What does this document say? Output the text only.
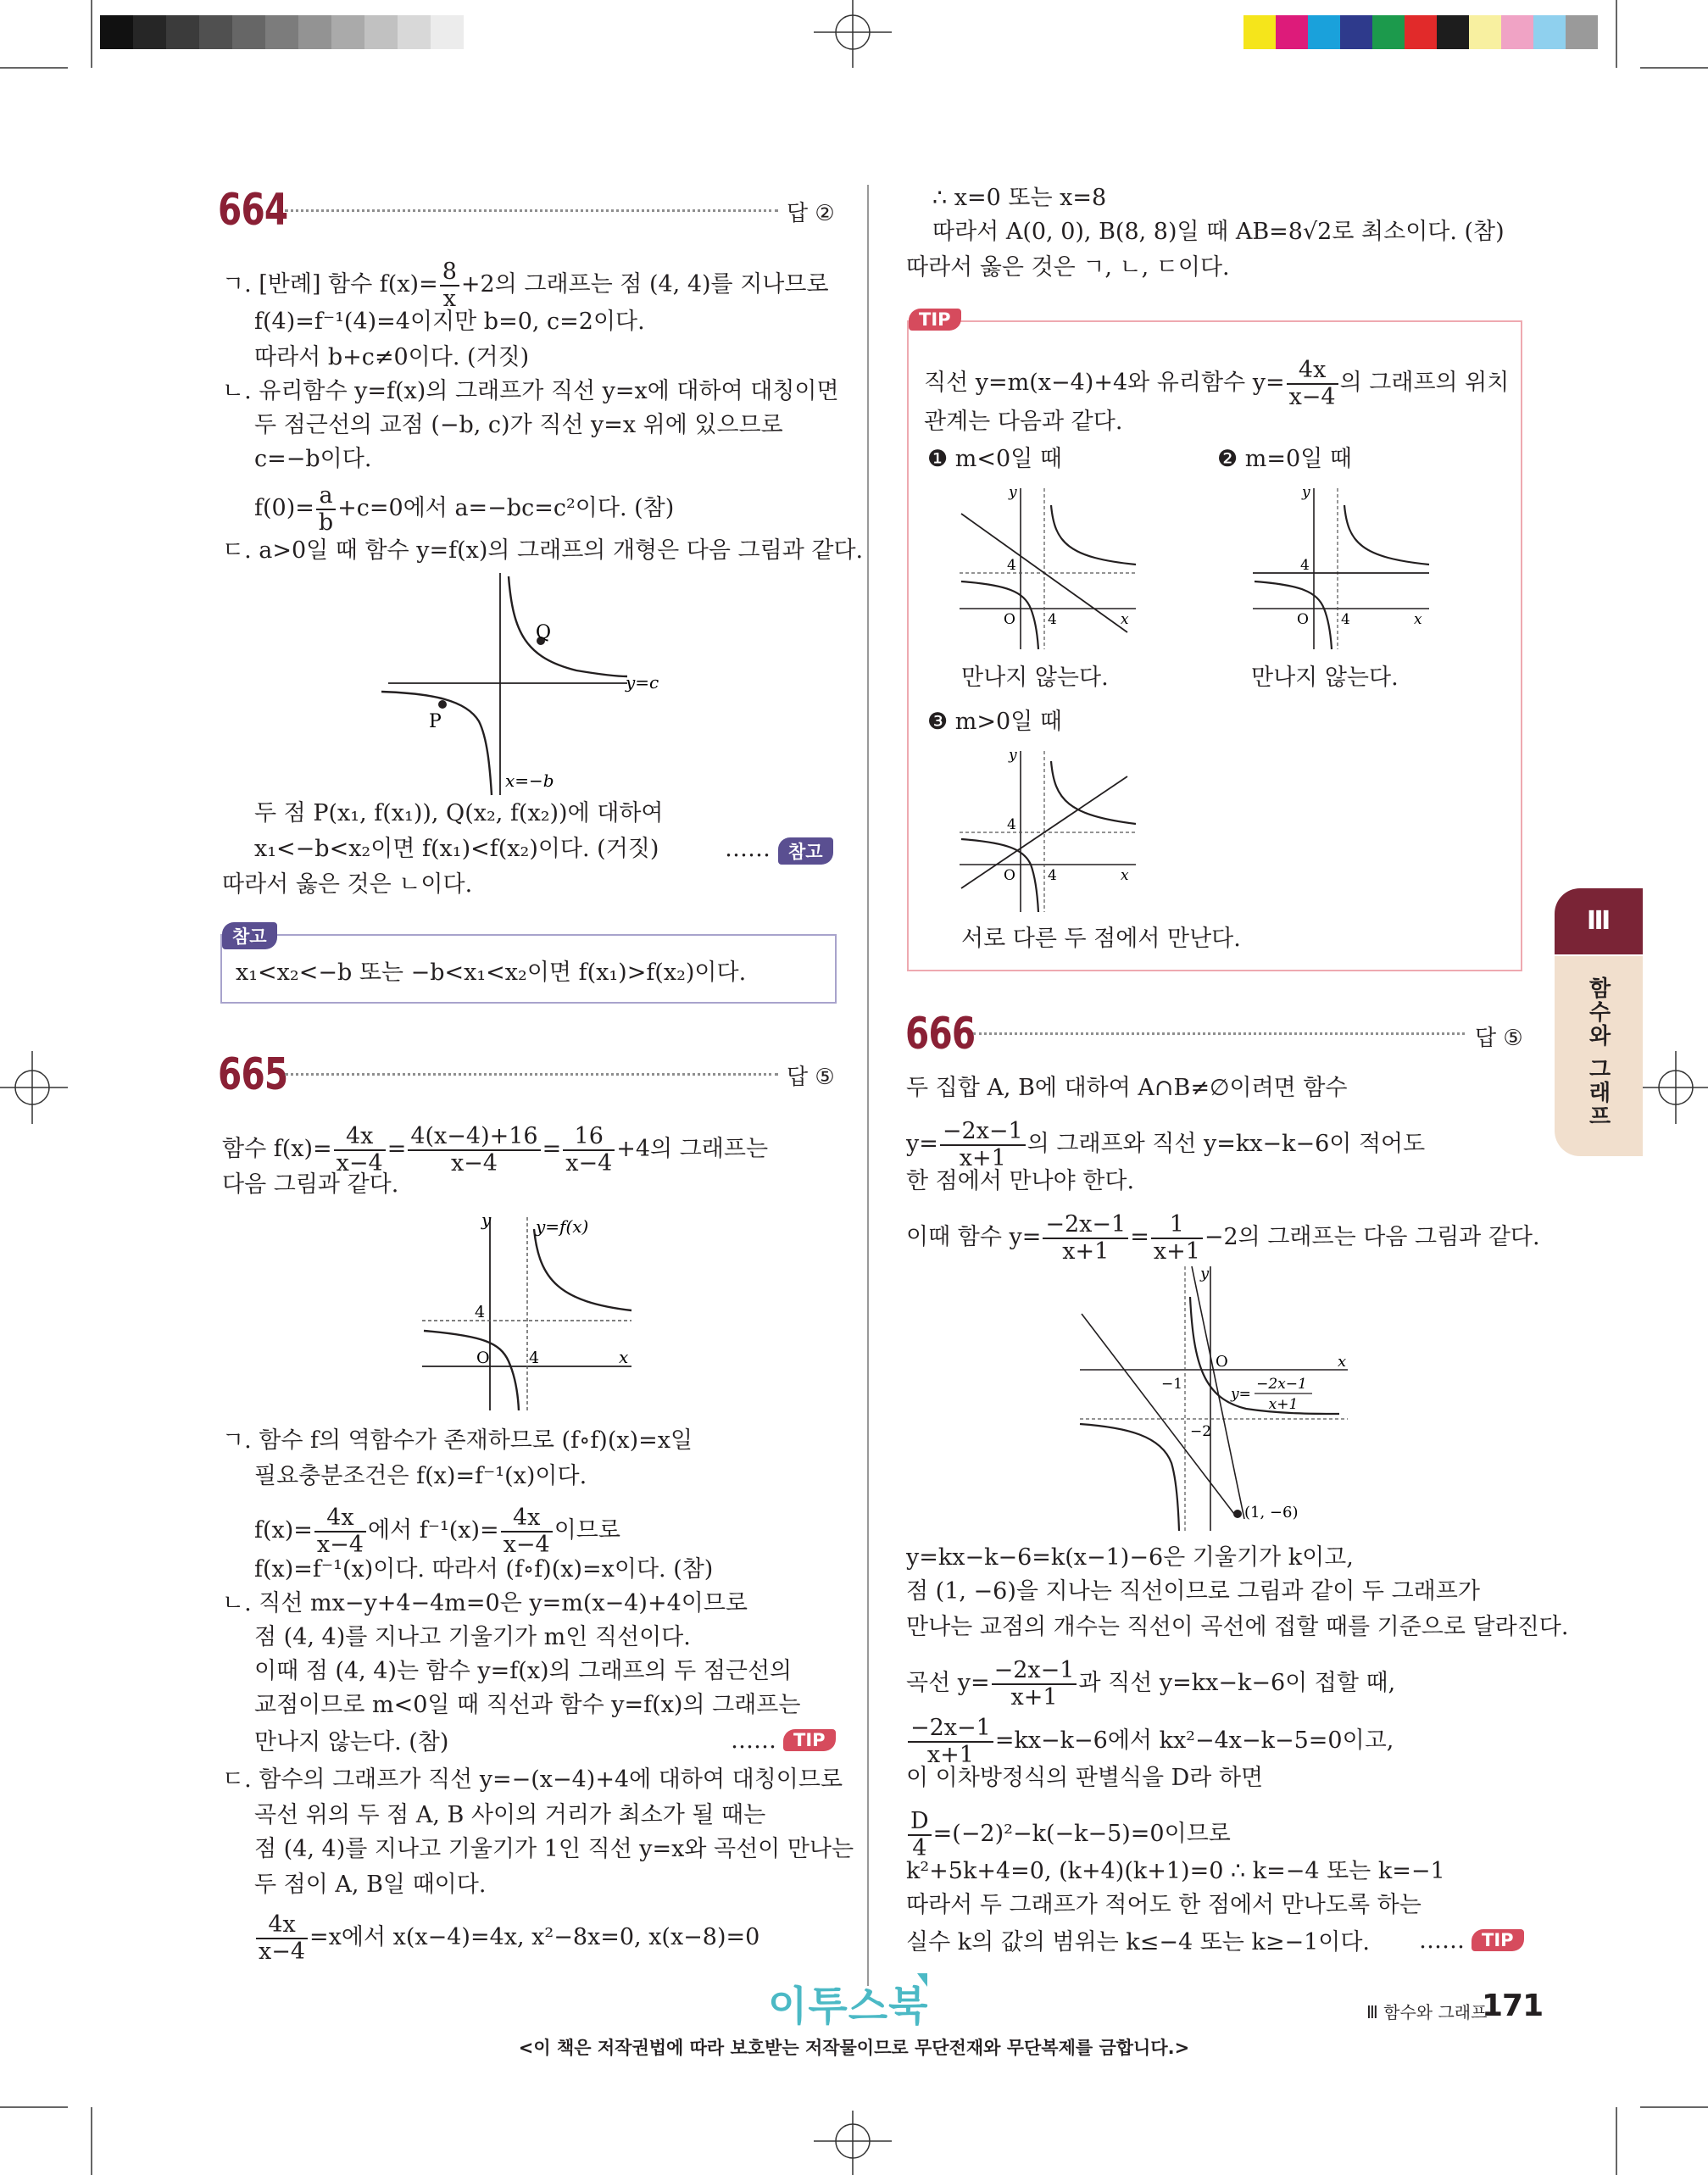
664	답 ②
ㄱ. [반례] 함수 $f(x)= \frac{8}{x} +2$의 그래프는 점 (4, 4)를 지나므로
f(4)=f⁻¹(4)=4이지만 b=0, c=2이다.
따라서 b+c≠0이다. (거짓)
ㄴ. 유리함수 y=f(x)의 그래프가 직선 y=x에 대하여 대칭이면
두 점근선의 교점 (−b, c)가 직선 y=x 위에 있으므로
c=−b이다.
$f(0)= \frac{a}{b} +c=0$에서 a=−bc=c²이다. (참)
ㄷ. a>0일 때 함수 y=f(x)의 그래프의 개형은 다음 그림과 같다.
Q
P
y=c
x=−b
두 점 P(x₁, f(x₁)), Q(x₂, f(x₂))에 대하여
x₁<−b<x₂이면 f(x₁)<f(x₂)이다. (거짓)	……	참고
따라서 옳은 것은 ㄴ이다.
참고
x₁<x₂<−b 또는 −b<x₁<x₂이면 f(x₁)>f(x₂)이다.
665	답 ⑤
함수 $f(x)= \frac{4x}{x-4} = \frac{4(x-4)+16}{x-4} = \frac{16}{x-4} +4$의 그래프는
다음 그림과 같다.
y	y=f(x)
4
O 4	x
ㄱ. 함수 f의 역함수가 존재하므로 (f∘f)(x)=x일
필요충분조건은 f(x)=f⁻¹(x)이다.
$f(x)= \frac{4x}{x-4}$ 에서 $f^{-1}(x)= \frac{4x}{x-4}$ 이므로
f(x)=f⁻¹(x)이다. 따라서 (f∘f)(x)=x이다. (참)
ㄴ. 직선 mx−y+4−4m=0은 y=m(x−4)+4이므로
점 (4, 4)를 지나고 기울기가 m인 직선이다.
이때 점 (4, 4)는 함수 y=f(x)의 그래프의 두 점근선의
교점이므로 m<0일 때 직선과 함수 y=f(x)의 그래프는
만나지 않는다. (참)	…… TIP
ㄷ. 함수의 그래프가 직선 y=−(x−4)+4에 대하여 대칭이므로
곡선 위의 두 점 A, B 사이의 거리가 최소가 될 때는
점 (4, 4)를 지나고 기울기가 1인 직선 y=x와 곡선이 만나는
두 점이 A, B일 때이다.
$\frac{4x}{x-4} =x$에서 x(x−4)=4x, x²−8x=0, x(x−8)=0
∴ x=0 또는 x=8
따라서 A(0, 0), B(8, 8)일 때 AB=8√2로 최소이다. (참)
따라서 옳은 것은 ㄱ, ㄴ, ㄷ이다.
TIP
직선 y=m(x−4)+4와 유리함수 $y= \frac{4x}{x-4}$ 의 그래프의 위치
관계는 다음과 같다.
❶ m<0일 때	❷ m=0일 때
y
4
O 4	x
y
4
O 4	x
만나지 않는다.	만나지 않는다.
❸ m>0일 때
y
4
O 4	x
서로 다른 두 점에서 만난다.
666	답 ⑤
두 집합 A, B에 대하여 A∩B≠∅이려면 함수
$y= \frac{-2x-1}{x+1}$ 의 그래프와 직선 y=kx−k−6이 적어도
한 점에서 만나야 한다.
이때 함수 $y= \frac{-2x-1}{x+1} = \frac{1}{x+1} -2$의 그래프는 다음 그림과 같다.
y
O	x
−1
−2
y=
−2x−1
x+1
(1, −6)
y=kx−k−6=k(x−1)−6은 기울기가 k이고,
점 (1, −6)을 지나는 직선이므로 그림과 같이 두 그래프가
만나는 교점의 개수는 직선이 곡선에 접할 때를 기준으로 달라진다.
곡선 $y= \frac{-2x-1}{x+1}$ 과 직선 y=kx−k−6이 접할 때,
$\frac{-2x-1}{x+1} =kx-k-6$에서 kx²−4x−k−5=0이고,
이 이차방정식의 판별식을 D라 하면
$\frac{D}{4} =(-2)^2-k(-k-5)=0$이므로
k²+5k+4=0, (k+4)(k+1)=0 ∴ k=−4 또는 k=−1
따라서 두 그래프가 적어도 한 점에서 만나도록 하는
실수 k의 값의 범위는 k≤−4 또는 k≥−1이다. …… TIP
Ⅲ
함수와 그래프
이투스북	Ⅲ 함수와 그래프
171
<이 책은 저작권법에 따라 보호받는 저작물이므로 무단전재와 무단복제를 금합니다.>
